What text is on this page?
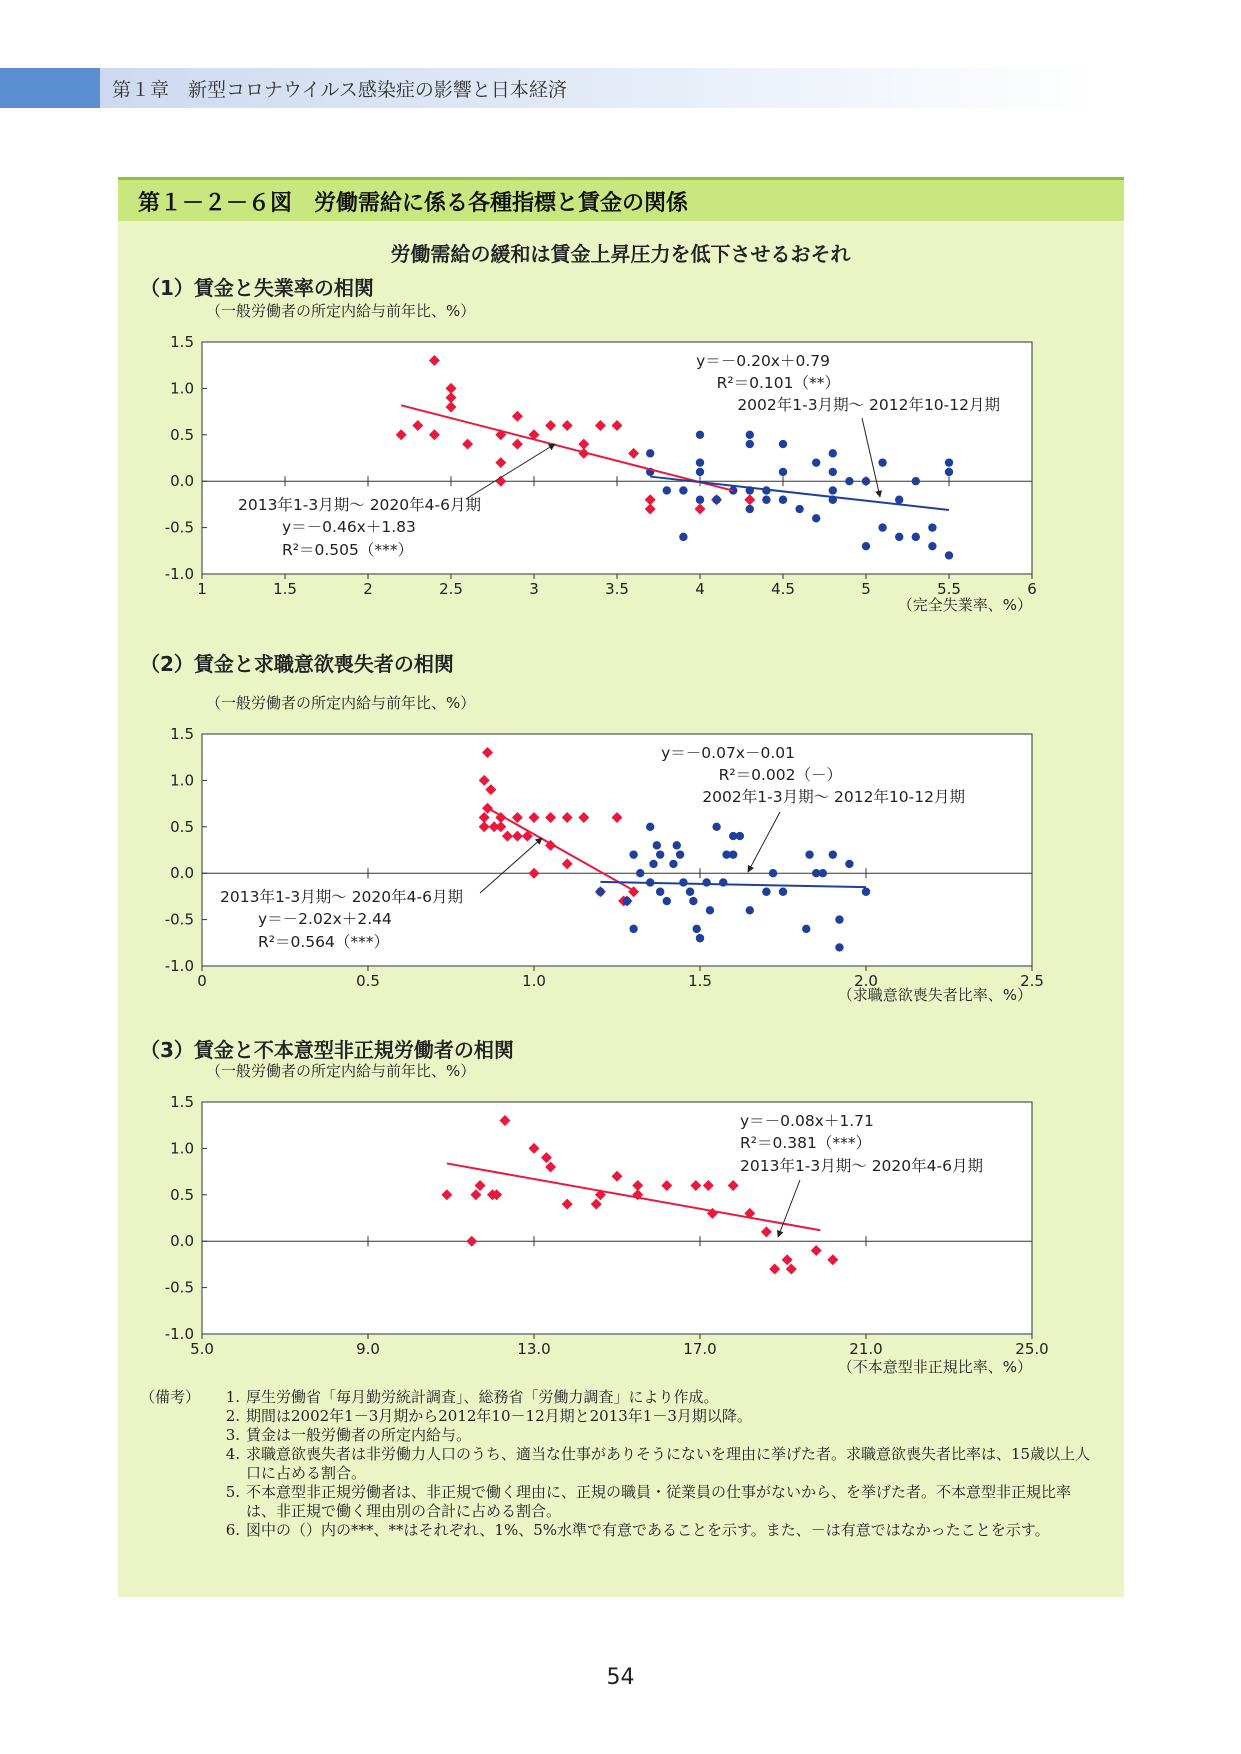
第１章　新型コロナウイルス感染症の影響と日本経済
第１－２－６図　労働需給に係る各種指標と賃金の関係
労働需給の緩和は賃金上昇圧力を低下させるおそれ
（1）賃金と失業率の相関
（2）賃金と求職意欲喪失者の相関
（3）賃金と不本意型非正規労働者の相関
1.5
1.0
0.5
0.0
-0.5
-1.0
1	1.5	2	2.5	3	3.5	4	4.5	5	5.5	6
（一般労働者の所定内給与前年比、%）
（完全失業率、%）
y＝－0.20x＋0.79
R²＝0.101（**）
2002年1-3月期～ 2012年10-12月期
2013年1-3月期～ 2020年4-6月期
y＝－0.46x＋1.83
R²＝0.505（***）
1.5
1.0
0.5
0.0
-0.5
-1.0
0	0.5	1.0	1.5	2.0	2.5
（一般労働者の所定内給与前年比、%）
（求職意欲喪失者比率、%）
y＝－0.07x－0.01
R²＝0.002（－）
2002年1-3月期～ 2012年10-12月期
2013年1-3月期～ 2020年4-6月期
y＝－2.02x＋2.44
R²＝0.564（***）
1.5
1.0
0.5
0.0
-0.5
-1.0
5.0	9.0	13.0	17.0	21.0	25.0
（一般労働者の所定内給与前年比、%）
（不本意型非正規比率、%）
y＝－0.08x＋1.71
R²＝0.381（***）
2013年1-3月期～ 2020年4-6月期
（備考）	1. 厚生労働省「毎月勤労統計調査」、総務省「労働力調査」により作成。
2. 期間は2002年1－3月期から2012年10－12月期と2013年1－3月期以降。
3. 賃金は一般労働者の所定内給与。
4. 求職意欲喪失者は非労働力人口のうち、適当な仕事がありそうにないを理由に挙げた者。求職意欲喪失者比率は、15歳以上人口に占める割合。
5. 不本意型非正規労働者は、非正規で働く理由に、正規の職員・従業員の仕事がないから、を挙げた者。不本意型非正規比率は、非正規で働く理由別の合計に占める割合。
6. 図中の（）内の***、**はそれぞれ、1%、5%水準で有意であることを示す。また、－は有意ではなかったことを示す。
54
